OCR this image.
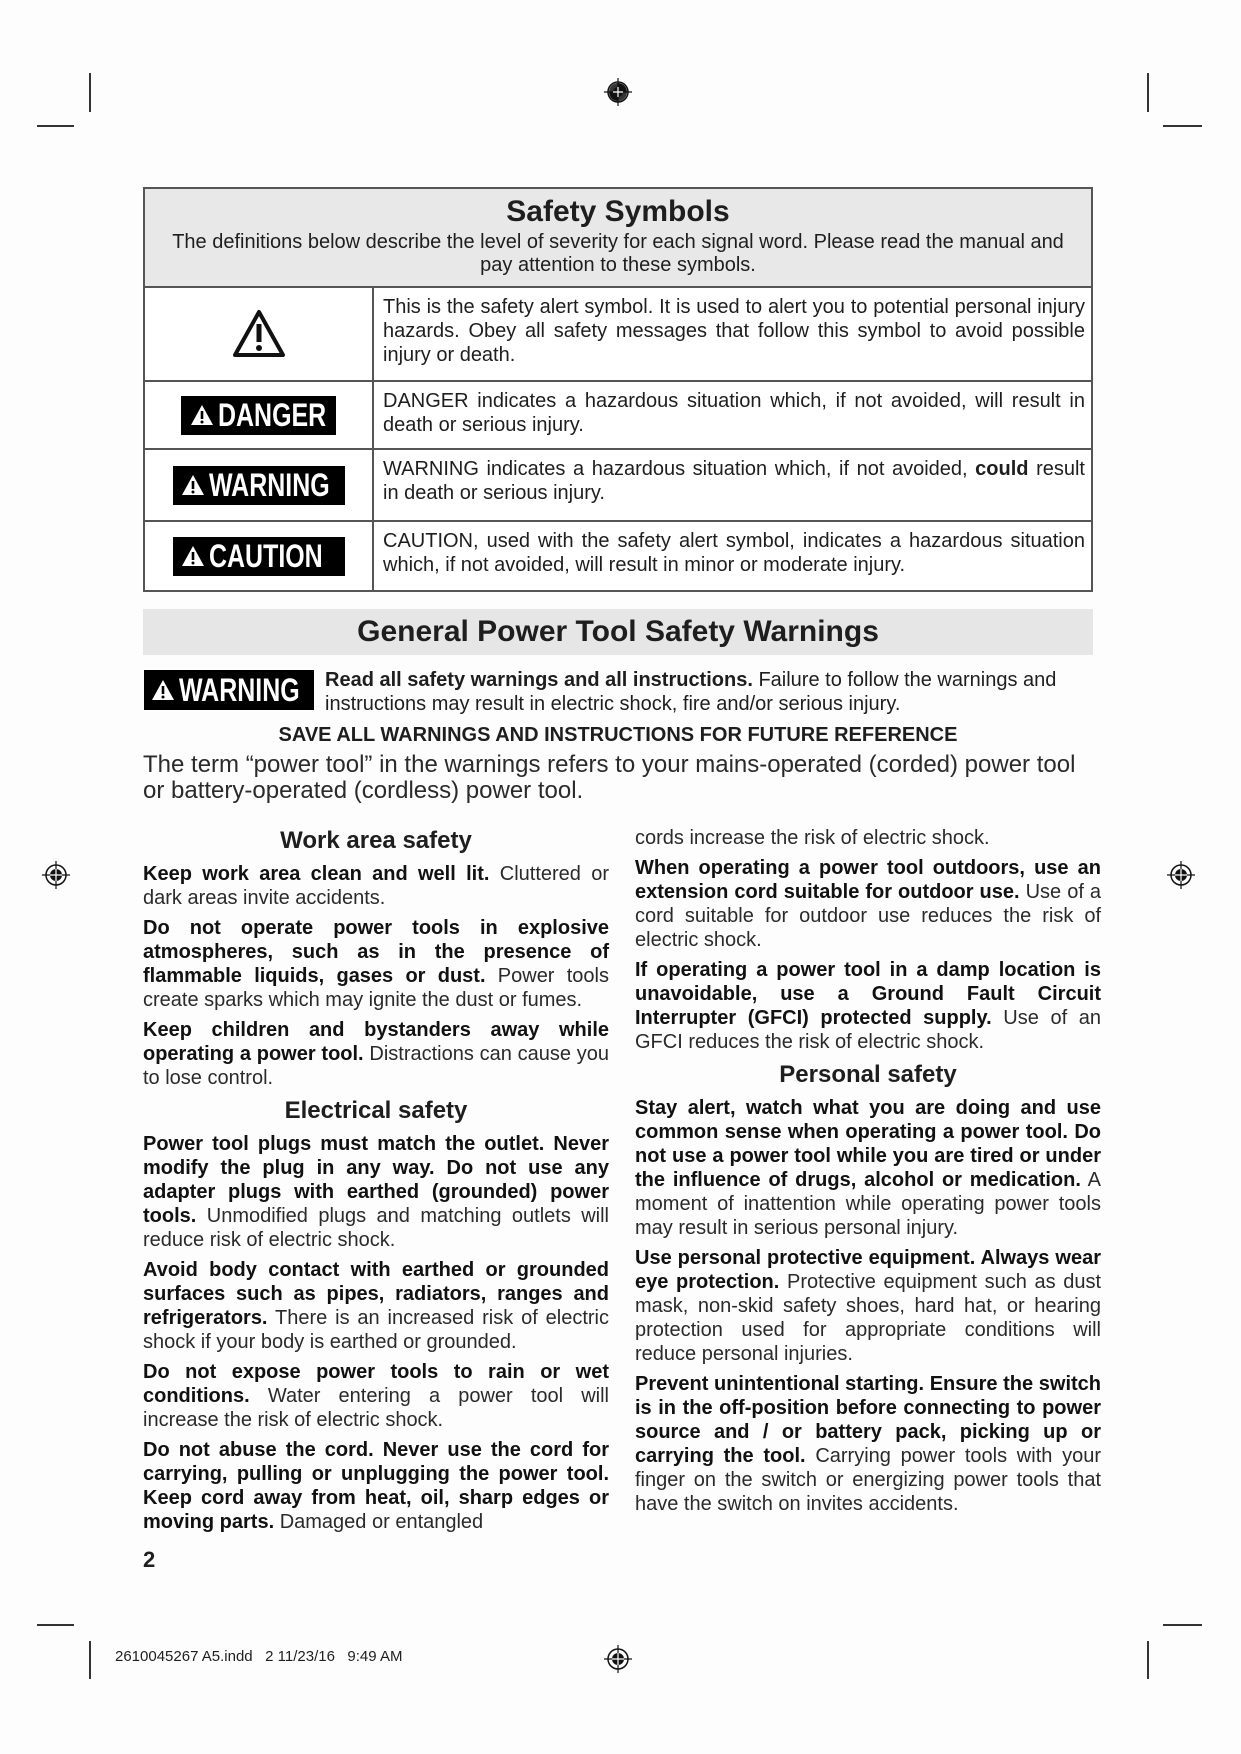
Safety Symbols
The definitions below describe the level of severity for each signal word. Please read the manual and pay attention to these symbols.
This is the safety alert symbol. It is used to alert you to potential personal injury hazards. Obey all safety messages that follow this symbol to avoid possible injury or death.
DANGER	DANGER indicates a hazardous situation which, if not avoided, will result in death or serious injury.
WARNING	WARNING indicates a hazardous situation which, if not avoided, could result in death or serious injury.
CAUTION	CAUTION, used with the safety alert symbol, indicates a hazardous situation which, if not avoided, will result in minor or moderate injury.
General Power Tool Safety Warnings
WARNING Read all safety warnings and all instructions. Failure to follow the warnings and instructions may result in electric shock, fire and/or serious injury.
SAVE ALL WARNINGS AND INSTRUCTIONS FOR FUTURE REFERENCE
The term “power tool” in the warnings refers to your mains-operated (corded) power tool or battery-operated (cordless) power tool.
Work area safety

Keep work area clean and well lit. Cluttered or dark areas invite accidents.

Do not operate power tools in explosive atmospheres, such as in the presence of flammable liquids, gases or dust. Power tools create sparks which may ignite the dust or fumes.

Keep children and bystanders away while operating a power tool. Distractions can cause you to lose control.

Electrical safety

Power tool plugs must match the outlet. Never modify the plug in any way. Do not use any adapter plugs with earthed (grounded) power tools. Unmodified plugs and matching outlets will reduce risk of electric shock.

Avoid body contact with earthed or grounded surfaces such as pipes, radiators, ranges and refrigerators. There is an increased risk of electric shock if your body is earthed or grounded.

Do not expose power tools to rain or wet conditions. Water entering a power tool will increase the risk of electric shock.

Do not abuse the cord. Never use the cord for carrying, pulling or unplugging the power tool. Keep cord away from heat, oil, sharp edges or moving parts. Damaged or entangled

cords increase the risk of electric shock.

When operating a power tool outdoors, use an extension cord suitable for outdoor use. Use of a cord suitable for outdoor use reduces the risk of electric shock.

If operating a power tool in a damp location is unavoidable, use a Ground Fault Circuit Interrupter (GFCI) protected supply. Use of an GFCI reduces the risk of electric shock.

Personal safety

Stay alert, watch what you are doing and use common sense when operating a power tool. Do not use a power tool while you are tired or under the influence of drugs, alcohol or medication. A moment of inattention while operating power tools may result in serious personal injury.

Use personal protective equipment. Always wear eye protection. Protective equipment such as dust mask, non-skid safety shoes, hard hat, or hearing protection used for appropriate conditions will reduce personal injuries.

Prevent unintentional starting. Ensure the switch is in the off-position before connecting to power source and / or battery pack, picking up or carrying the tool. Carrying power tools with your finger on the switch or energizing power tools that have the switch on invites accidents.

2
2610045267 A5.indd   2 11/23/16   9:49 AM
